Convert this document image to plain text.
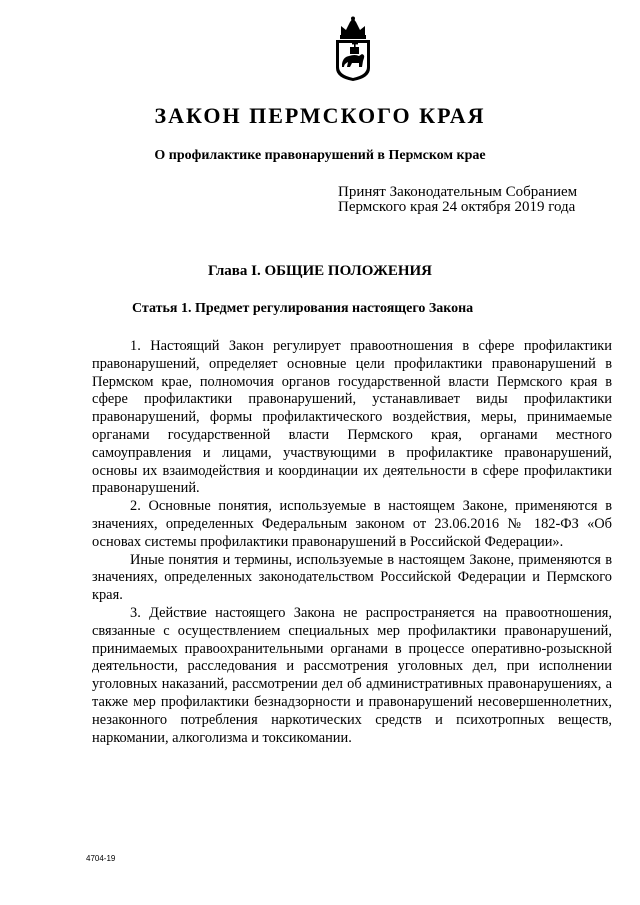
ЗАКОН ПЕРМСКОГО КРАЯ
О профилактике правонарушений в Пермском крае
Принят Законодательным Собранием
Пермского края 24 октября 2019 года
Глава I. ОБЩИЕ ПОЛОЖЕНИЯ
Статья 1. Предмет регулирования настоящего Закона

1. Настоящий Закон регулирует правоотношения в сфере профилактики правонарушений, определяет основные цели профилактики правонарушений в Пермском крае, полномочия органов государственной власти Пермского края в сфере профилактики правонарушений, устанавливает виды профилактики правонарушений, формы профилактического воздействия, меры, принимаемые органами государственной власти Пермского края, органами местного самоуправления и лицами, участвующими в профилактике правонарушений, основы их взаимодействия и координации их деятельности в сфере профилактики правонарушений.

2. Основные понятия, используемые в настоящем Законе, применяются в значениях, определенных Федеральным законом от 23.06.2016 № 182-ФЗ «Об основах системы профилактики правонарушений в Российской Федерации».

Иные понятия и термины, используемые в настоящем Законе, применяются в значениях, определенных законодательством Российской Федерации и Пермского края.

3. Действие настоящего Закона не распространяется на правоотношения, связанные с осуществлением специальных мер профилактики правонарушений, принимаемых правоохранительными органами в процессе оперативно-розыскной деятельности, расследования и рассмотрения уголовных дел, при исполнении уголовных наказаний, рассмотрении дел об административных правонарушениях, а также мер профилактики безнадзорности и правонарушений несовершеннолетних, незаконного потребления наркотических средств и психотропных веществ, наркомании, алкоголизма и токсикомании.

4704-19
